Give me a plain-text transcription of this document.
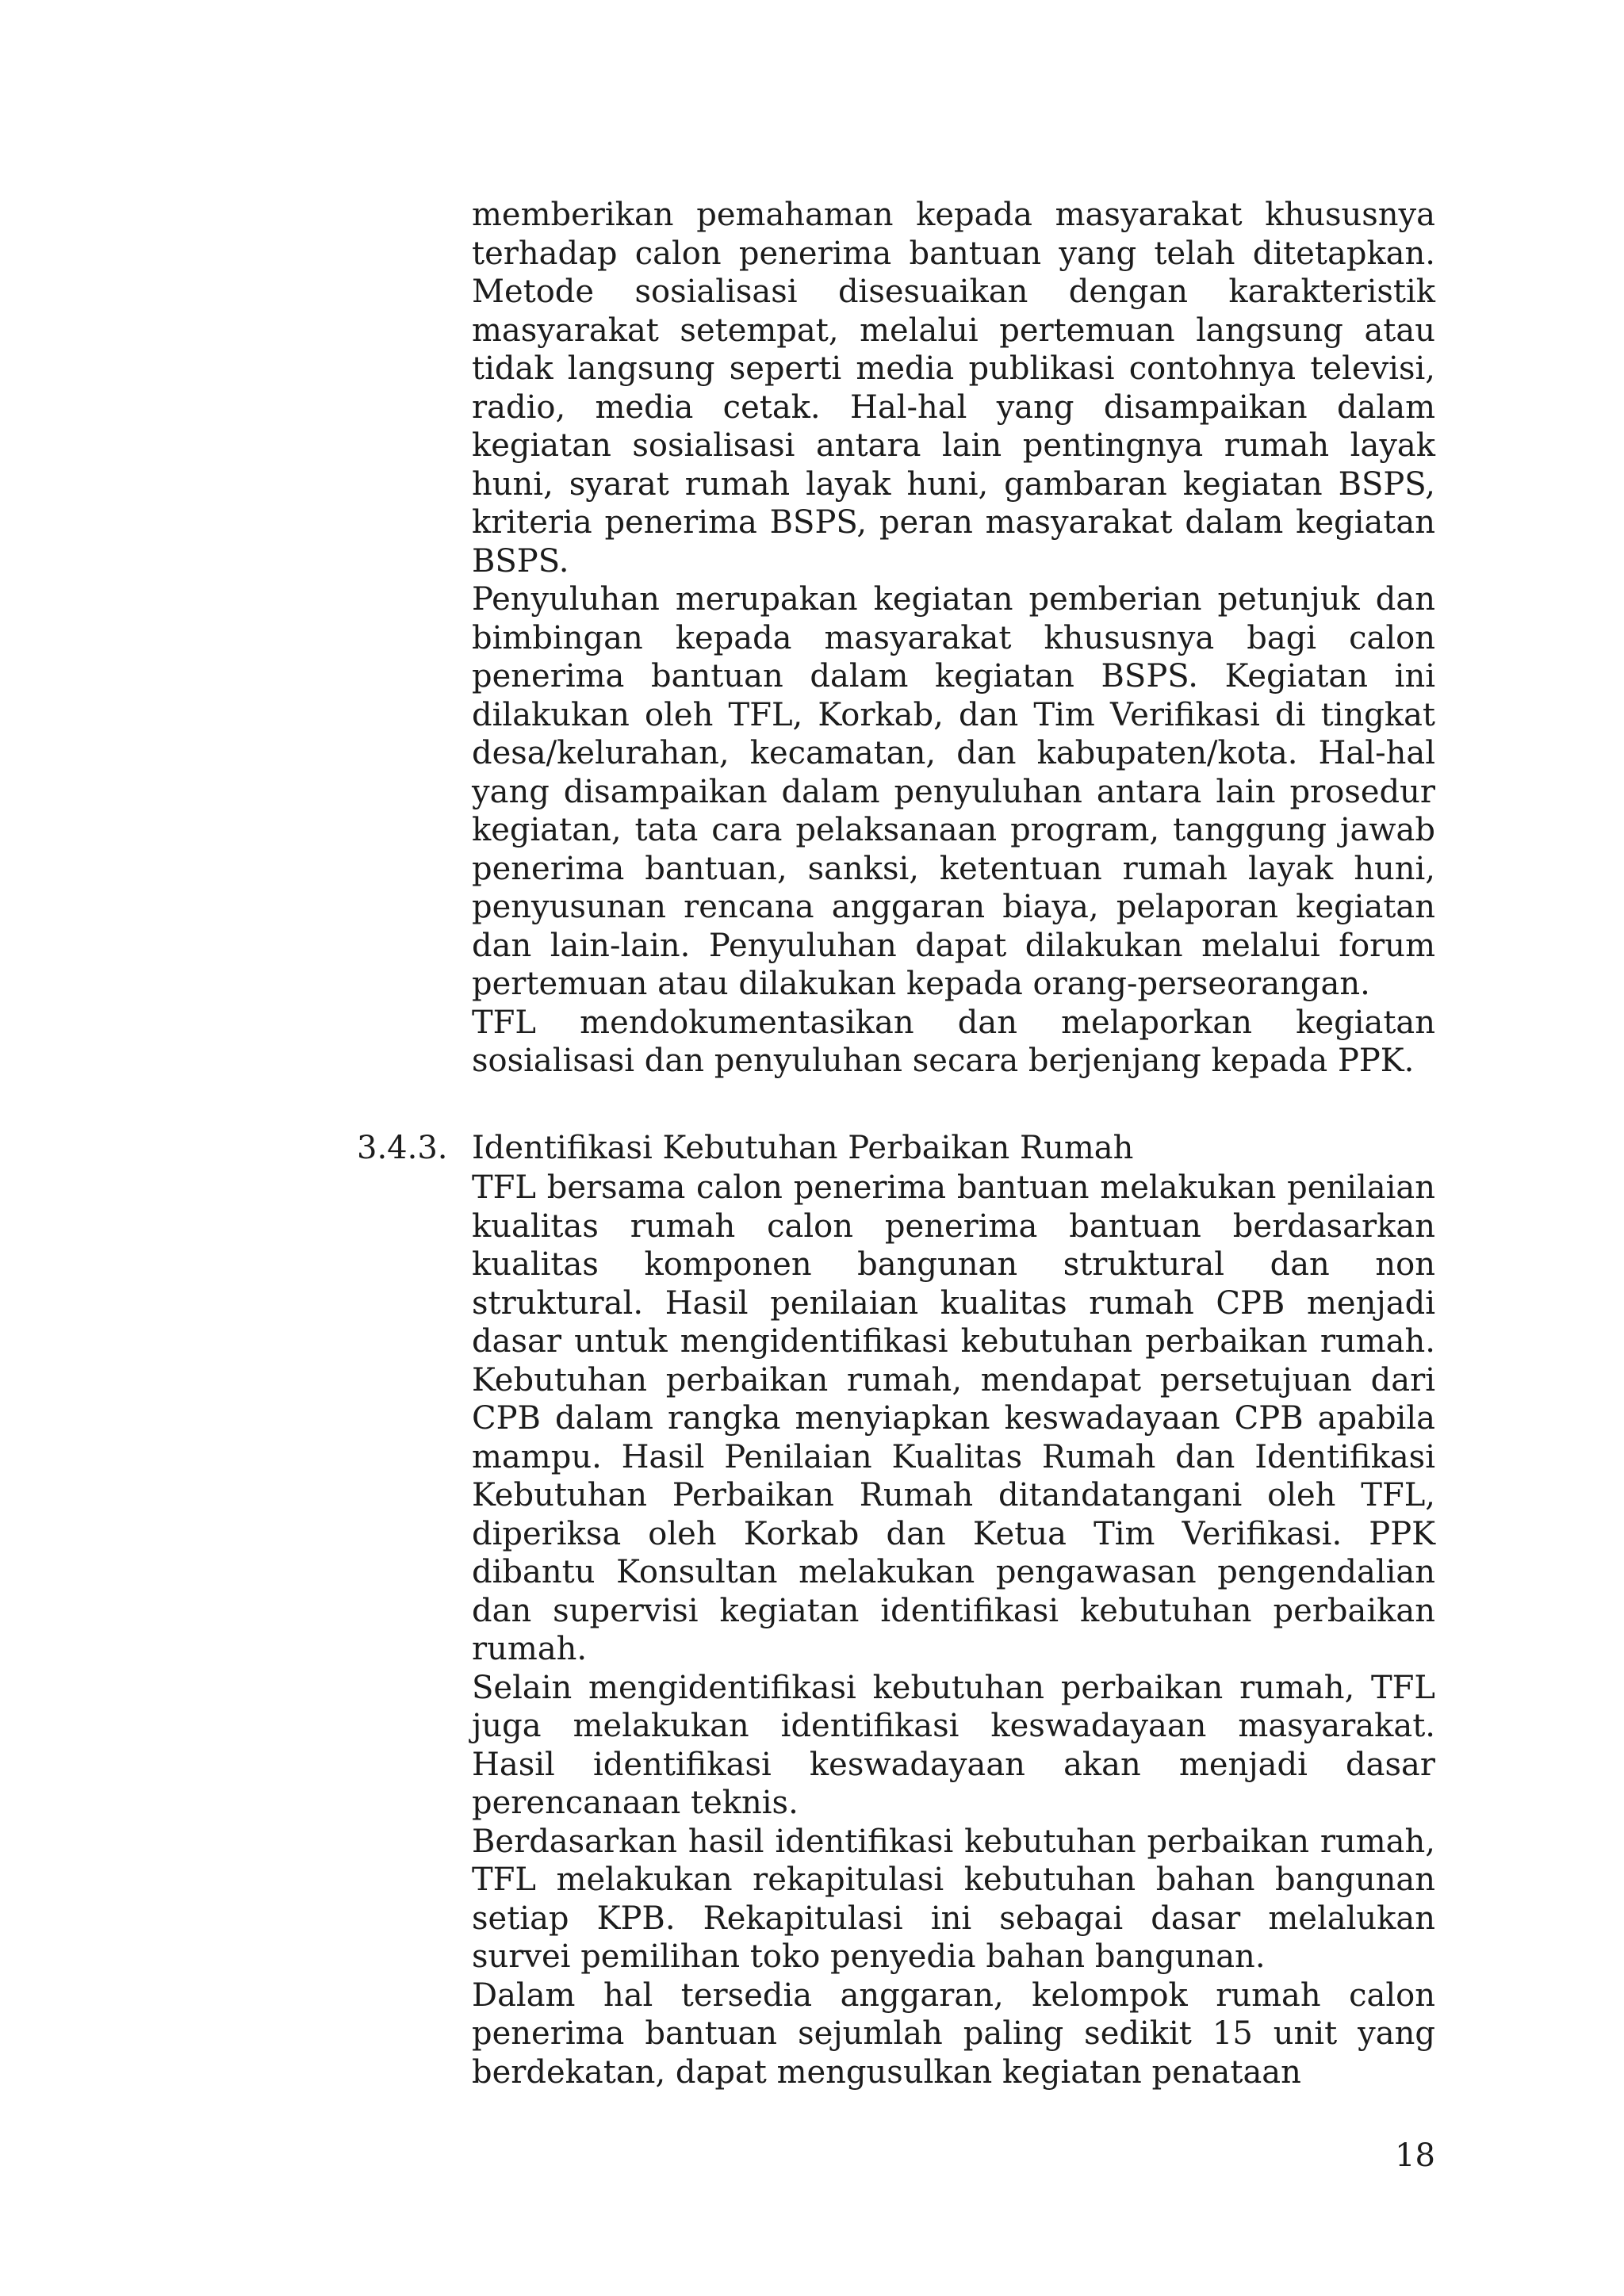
memberikan pemahaman kepada masyarakat khususnya terhadap calon penerima bantuan yang telah ditetapkan. Metode sosialisasi disesuaikan dengan karakteristik masyarakat setempat, melalui pertemuan langsung atau tidak langsung seperti media publikasi contohnya televisi, radio, media cetak. Hal-hal yang disampaikan dalam kegiatan sosialisasi antara lain pentingnya rumah layak huni, syarat rumah layak huni, gambaran kegiatan BSPS, kriteria penerima BSPS, peran masyarakat dalam kegiatan BSPS.

Penyuluhan merupakan kegiatan pemberian petunjuk dan bimbingan kepada masyarakat khususnya bagi calon penerima bantuan dalam kegiatan BSPS. Kegiatan ini dilakukan oleh TFL, Korkab, dan Tim Verifikasi di tingkat desa/kelurahan, kecamatan, dan kabupaten/kota. Hal-hal yang disampaikan dalam penyuluhan antara lain prosedur kegiatan, tata cara pelaksanaan program, tanggung jawab penerima bantuan, sanksi, ketentuan rumah layak huni, penyusunan rencana anggaran biaya, pelaporan kegiatan dan lain-lain. Penyuluhan dapat dilakukan melalui forum pertemuan atau dilakukan kepada orang-perseorangan.

TFL mendokumentasikan dan melaporkan kegiatan sosialisasi dan penyuluhan secara berjenjang kepada PPK.

3.4.3. Identifikasi Kebutuhan Perbaikan Rumah

TFL bersama calon penerima bantuan melakukan penilaian kualitas rumah calon penerima bantuan berdasarkan kualitas komponen bangunan struktural dan non struktural. Hasil penilaian kualitas rumah CPB menjadi dasar untuk mengidentifikasi kebutuhan perbaikan rumah. Kebutuhan perbaikan rumah, mendapat persetujuan dari CPB dalam rangka menyiapkan keswadayaan CPB apabila mampu. Hasil Penilaian Kualitas Rumah dan Identifikasi Kebutuhan Perbaikan Rumah ditandatangani oleh TFL, diperiksa oleh Korkab dan Ketua Tim Verifikasi. PPK dibantu Konsultan melakukan pengawasan pengendalian dan supervisi kegiatan identifikasi kebutuhan perbaikan rumah.

Selain mengidentifikasi kebutuhan perbaikan rumah, TFL juga melakukan identifikasi keswadayaan masyarakat. Hasil identifikasi keswadayaan akan menjadi dasar perencanaan teknis.

Berdasarkan hasil identifikasi kebutuhan perbaikan rumah, TFL melakukan rekapitulasi kebutuhan bahan bangunan setiap KPB. Rekapitulasi ini sebagai dasar melalukan survei pemilihan toko penyedia bahan bangunan.

Dalam hal tersedia anggaran, kelompok rumah calon penerima bantuan sejumlah paling sedikit 15 unit yang berdekatan, dapat mengusulkan kegiatan penataan

18
